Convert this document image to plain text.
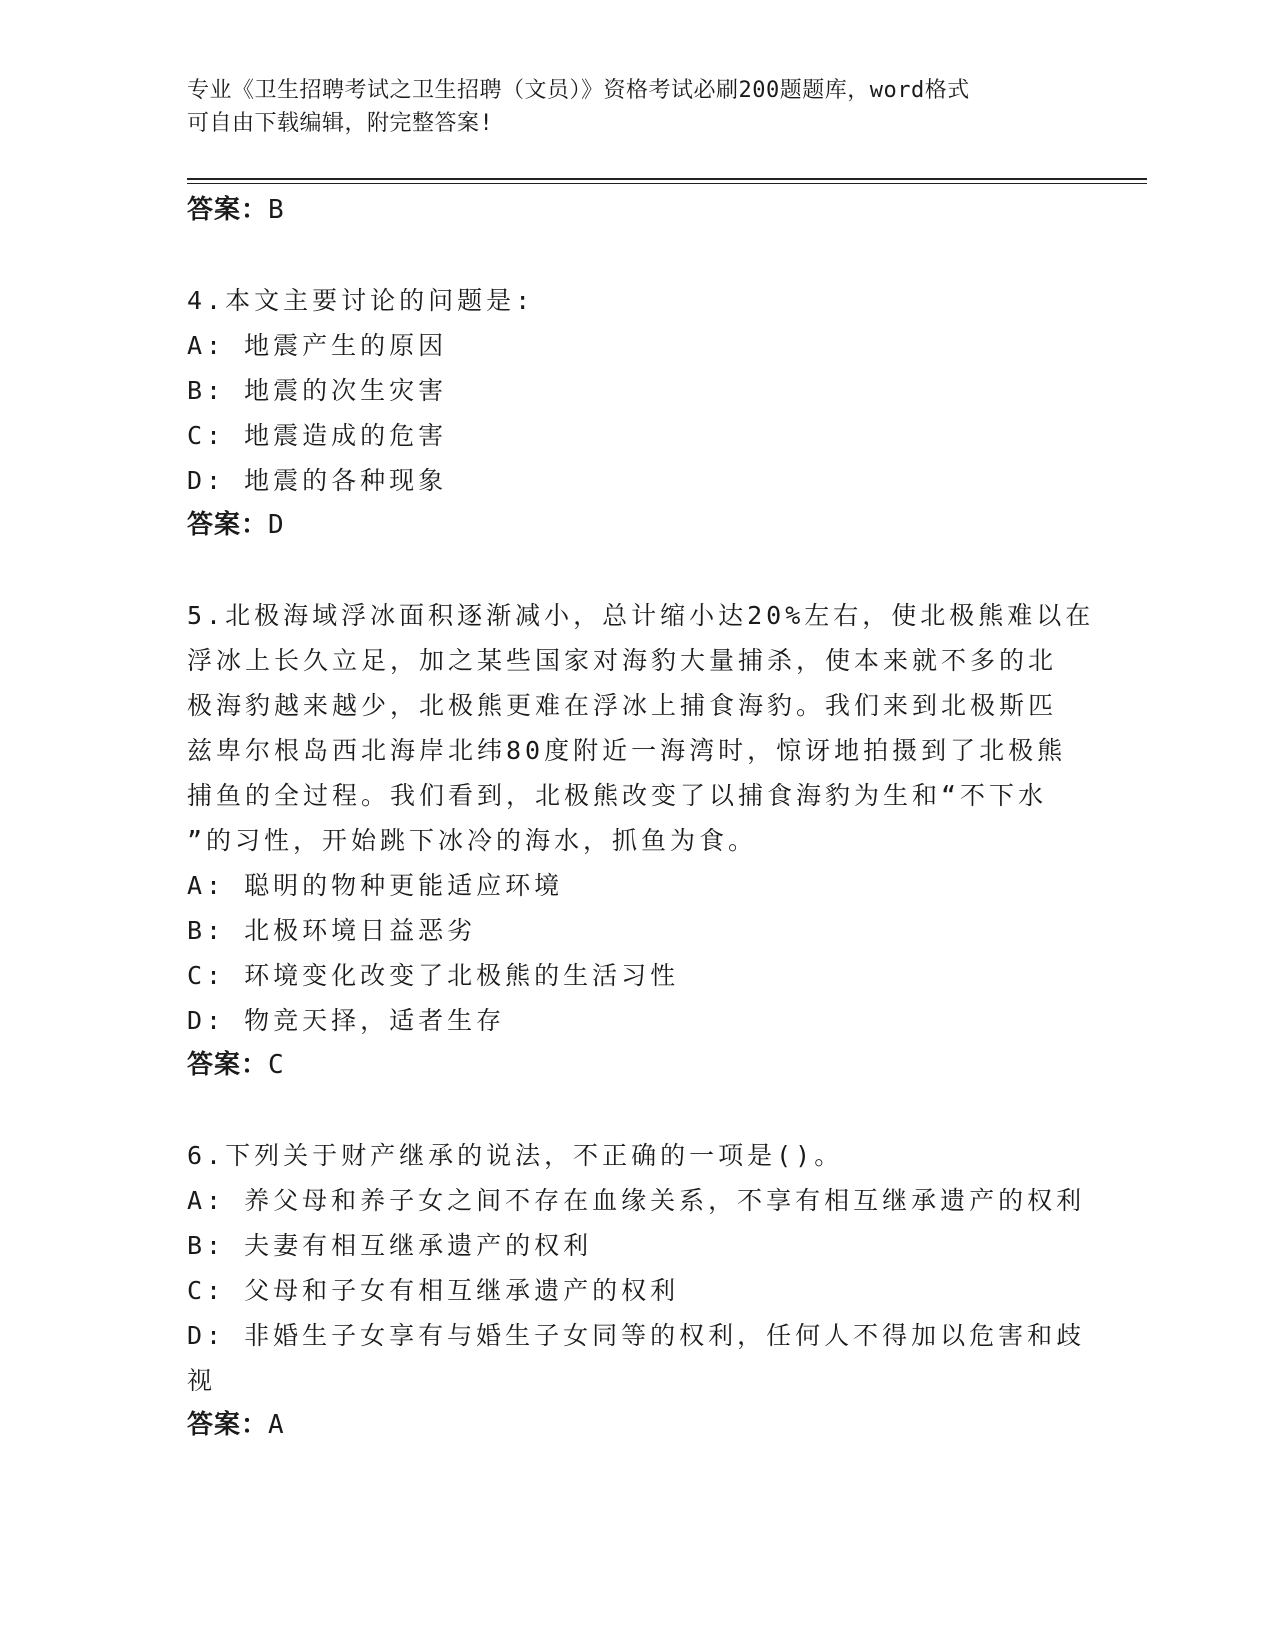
专业《卫生招聘考试之卫生招聘（文员）》资格考试必刷200题题库，word格式
可自由下载编辑，附完整答案!
答案：B
4.本文主要讨论的问题是:
A: 地震产生的原因
B: 地震的次生灾害
C: 地震造成的危害
D: 地震的各种现象
答案：D
5.北极海域浮冰面积逐渐减小，总计缩小达20%左右，使北极熊难以在
浮冰上长久立足，加之某些国家对海豹大量捕杀，使本来就不多的北
极海豹越来越少，北极熊更难在浮冰上捕食海豹。我们来到北极斯匹
兹卑尔根岛西北海岸北纬80度附近一海湾时，惊讶地拍摄到了北极熊
捕鱼的全过程。我们看到，北极熊改变了以捕食海豹为生和“不下水
”的习性，开始跳下冰冷的海水，抓鱼为食。
A: 聪明的物种更能适应环境
B: 北极环境日益恶劣
C: 环境变化改变了北极熊的生活习性
D: 物竞天择，适者生存
答案：C
6.下列关于财产继承的说法，不正确的一项是()。
A: 养父母和养子女之间不存在血缘关系，不享有相互继承遗产的权利
B: 夫妻有相互继承遗产的权利
C: 父母和子女有相互继承遗产的权利
D: 非婚生子女享有与婚生子女同等的权利，任何人不得加以危害和歧
视
答案：A
